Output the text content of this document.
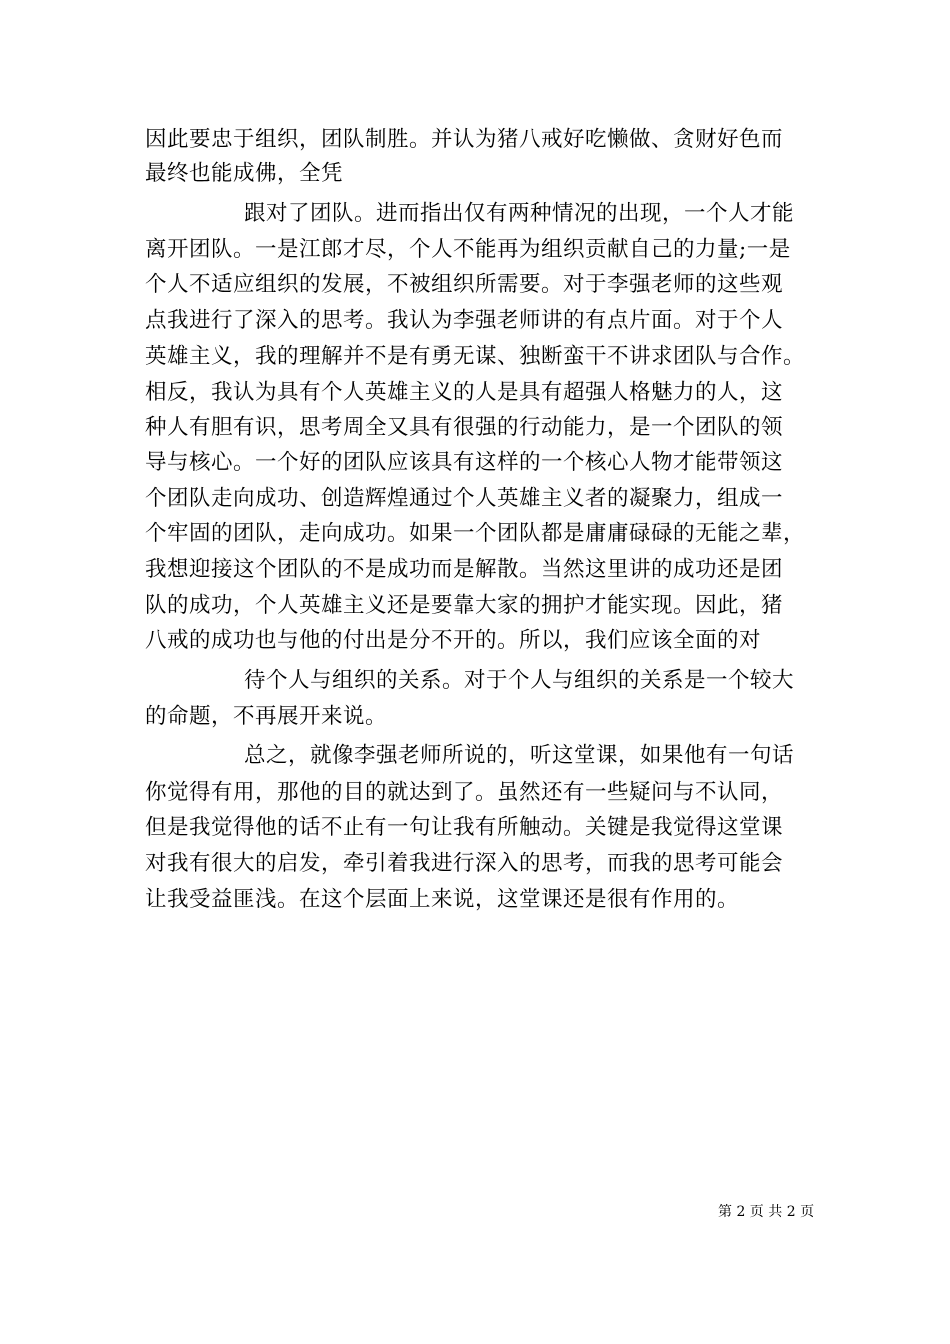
因此要忠于组织，团队制胜。并认为猪八戒好吃懒做、贪财好色而
最终也能成佛，全凭
跟对了团队。进而指出仅有两种情况的出现，一个人才能
离开团队。一是江郎才尽，个人不能再为组织贡献自己的力量;一是
个人不适应组织的发展，不被组织所需要。对于李强老师的这些观
点我进行了深入的思考。我认为李强老师讲的有点片面。对于个人
英雄主义，我的理解并不是有勇无谋、独断蛮干不讲求团队与合作。
相反，我认为具有个人英雄主义的人是具有超强人格魅力的人，这
种人有胆有识，思考周全又具有很强的行动能力，是一个团队的领
导与核心。一个好的团队应该具有这样的一个核心人物才能带领这
个团队走向成功、创造辉煌通过个人英雄主义者的凝聚力，组成一
个牢固的团队，走向成功。如果一个团队都是庸庸碌碌的无能之辈，
我想迎接这个团队的不是成功而是解散。当然这里讲的成功还是团
队的成功，个人英雄主义还是要靠大家的拥护才能实现。因此，猪
八戒的成功也与他的付出是分不开的。所以，我们应该全面的对
待个人与组织的关系。对于个人与组织的关系是一个较大
的命题，不再展开来说。
总之，就像李强老师所说的，听这堂课，如果他有一句话
你觉得有用，那他的目的就达到了。虽然还有一些疑问与不认同，
但是我觉得他的话不止有一句让我有所触动。关键是我觉得这堂课
对我有很大的启发，牵引着我进行深入的思考，而我的思考可能会
让我受益匪浅。在这个层面上来说，这堂课还是很有作用的。
第 2 页 共 2 页
